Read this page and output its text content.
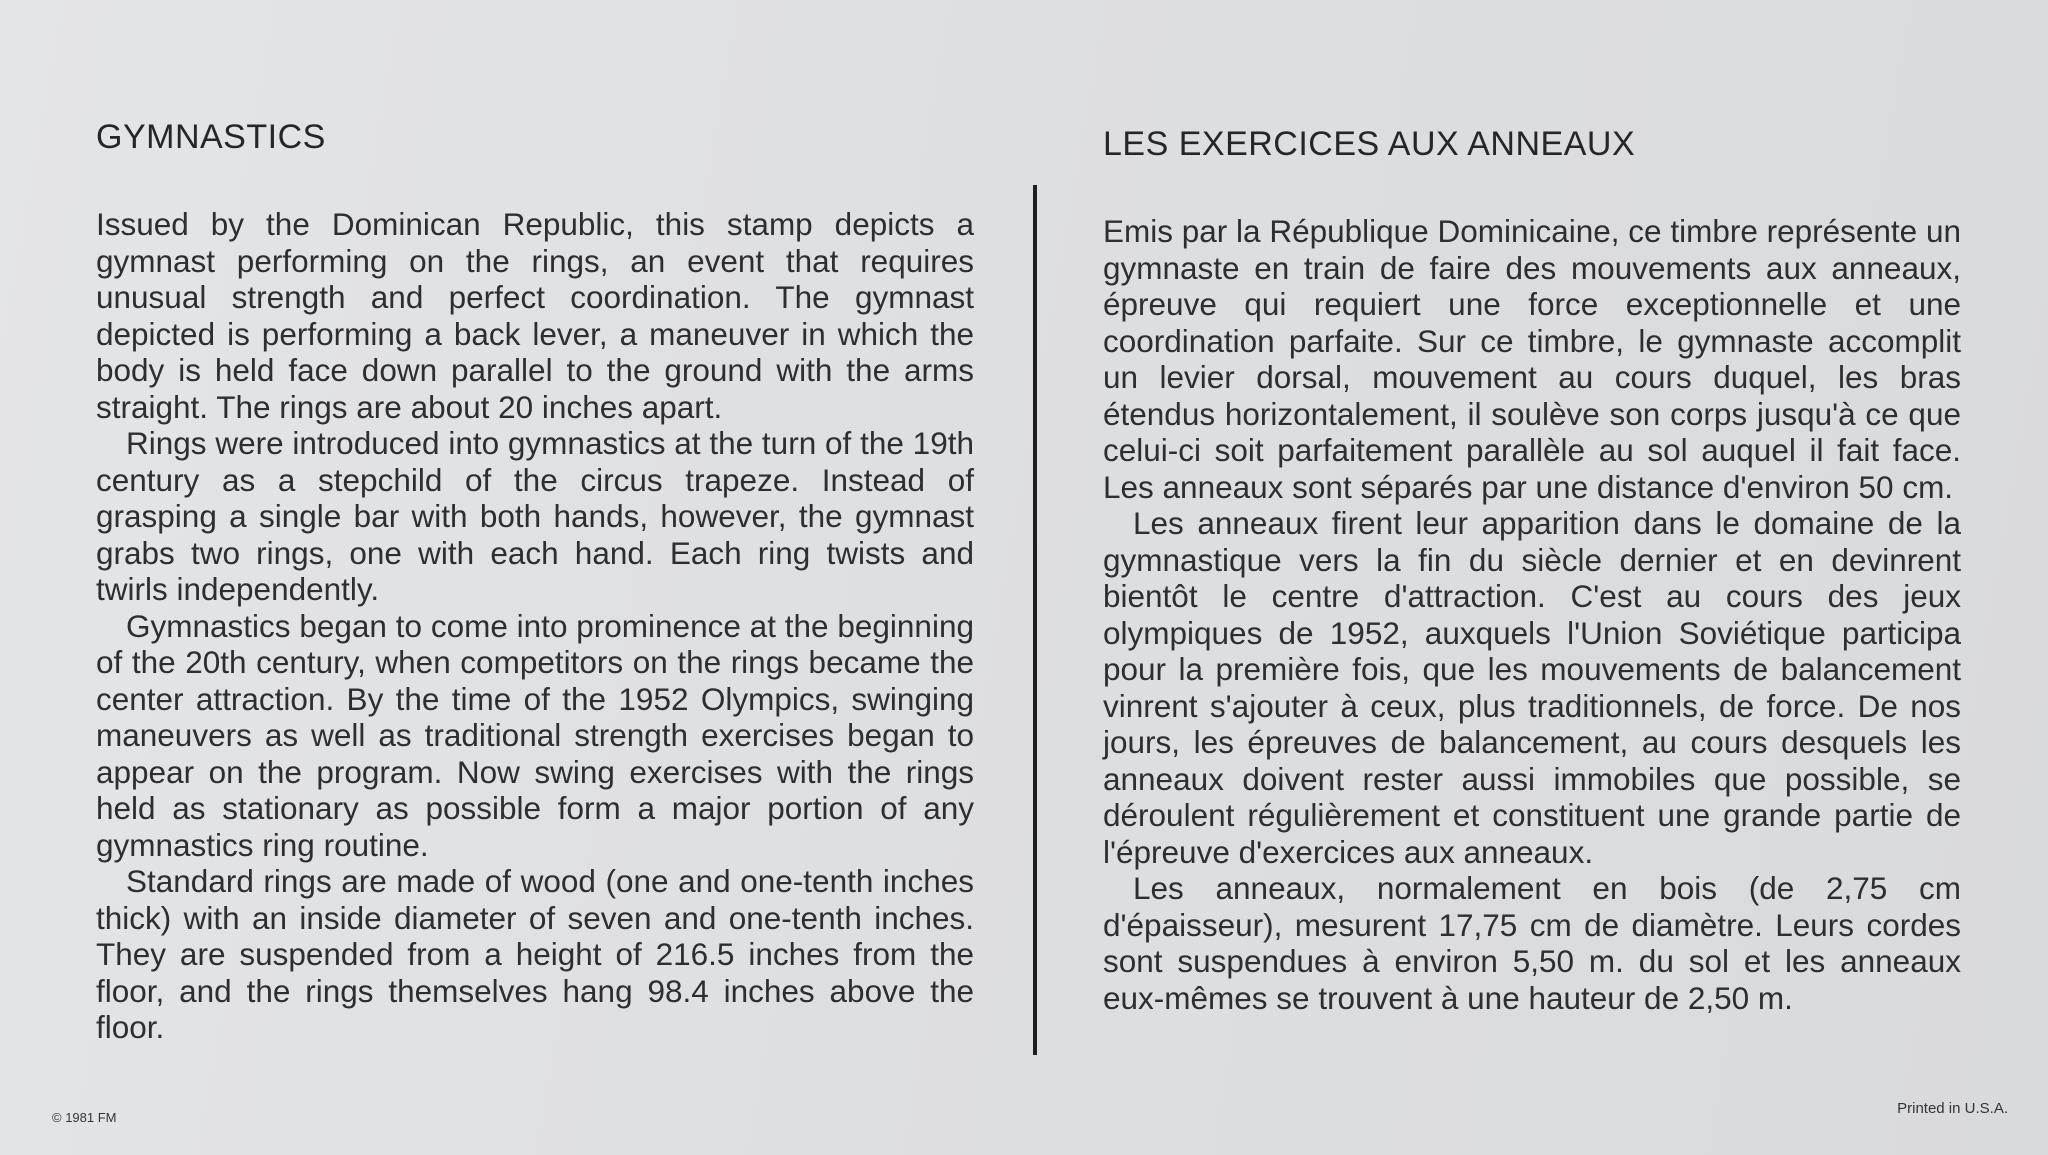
GYMNASTICS

Issued by the Dominican Republic, this stamp depicts a gymnast performing on the rings, an event that requires unusual strength and perfect coordination. The gymnast depicted is performing a back lever, a maneuver in which the body is held face down parallel to the ground with the arms straight. The rings are about 20 inches apart.

Rings were introduced into gymnastics at the turn of the 19th century as a stepchild of the circus trapeze. Instead of grasping a single bar with both hands, however, the gymnast grabs two rings, one with each hand. Each ring twists and twirls independently.

Gymnastics began to come into prominence at the beginning of the 20th century, when competitors on the rings became the center attraction. By the time of the 1952 Olympics, swinging maneuvers as well as traditional strength exercises began to appear on the program. Now swing exercises with the rings held as stationary as possible form a major portion of any gymnastics ring routine.

Standard rings are made of wood (one and one-tenth inches thick) with an inside diameter of seven and one-tenth inches. They are suspended from a height of 216.5 inches from the floor, and the rings themselves hang 98.4 inches above the floor.

LES EXERCICES AUX ANNEAUX

Emis par la République Dominicaine, ce timbre représente un gymnaste en train de faire des mouvements aux anneaux, épreuve qui requiert une force exceptionnelle et une coordination parfaite. Sur ce timbre, le gymnaste accomplit un levier dorsal, mouvement au cours duquel, les bras étendus horizontalement, il soulève son corps jusqu'à ce que celui-ci soit parfaitement parallèle au sol auquel il fait face. Les anneaux sont séparés par une distance d'environ 50 cm.

Les anneaux firent leur apparition dans le domaine de la gymnastique vers la fin du siècle dernier et en devinrent bientôt le centre d'attraction. C'est au cours des jeux olympiques de 1952, auxquels l'Union Soviétique participa pour la première fois, que les mouvements de balancement vinrent s'ajouter à ceux, plus traditionnels, de force. De nos jours, les épreuves de balancement, au cours desquels les anneaux doivent rester aussi immobiles que possible, se déroulent régulièrement et constituent une grande partie de l'épreuve d'exercices aux anneaux.

Les anneaux, normalement en bois (de 2,75 cm d'épaisseur), mesurent 17,75 cm de diamètre. Leurs cordes sont suspendues à environ 5,50 m. du sol et les anneaux eux-mêmes se trouvent à une hauteur de 2,50 m.

© 1981 FM
Printed in U.S.A.
